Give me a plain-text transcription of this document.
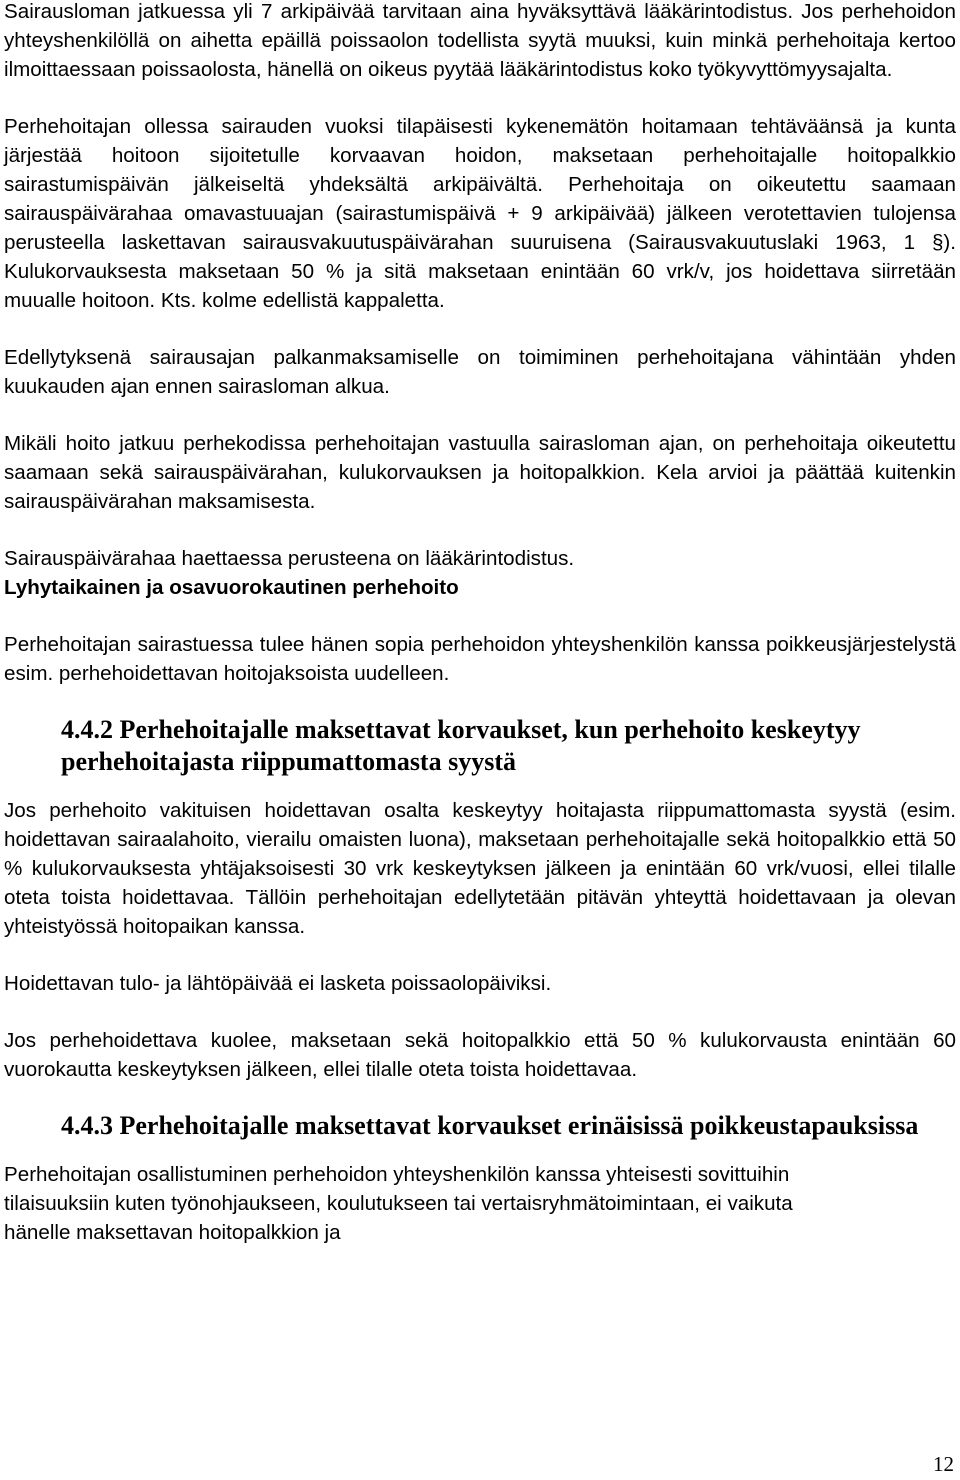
Sairausloman jatkuessa yli 7 arkipäivää tarvitaan aina hyväksyttävä lääkärintodistus. Jos perhehoidon yhteyshenkilöllä on aihetta epäillä poissaolon todellista syytä muuksi, kuin minkä perhehoitaja kertoo ilmoittaessaan poissaolosta, hänellä on oikeus pyytää lääkärintodistus koko työkyvyttömyysajalta.

Perhehoitajan ollessa sairauden vuoksi tilapäisesti kykenemätön hoitamaan tehtäväänsä ja kunta järjestää hoitoon sijoitetulle korvaavan hoidon, maksetaan perhehoitajalle hoitopalkkio sairastumispäivän jälkeiseltä yhdeksältä arkipäivältä. Perhehoitaja on oikeutettu saamaan sairauspäivärahaa omavastuuajan (sairastumispäivä + 9 arkipäivää) jälkeen verotettavien tulojensa perusteella laskettavan sairausvakuutuspäivärahan suuruisena (Sairausvakuutuslaki 1963, 1 §). Kulukorvauksesta maksetaan 50 % ja sitä maksetaan enintään 60 vrk/v, jos hoidettava siirretään muualle hoitoon. Kts. kolme edellistä kappaletta.

Edellytyksenä sairausajan palkanmaksamiselle on toimiminen perhehoitajana vähintään yhden kuukauden ajan ennen sairasloman alkua.

Mikäli hoito jatkuu perhekodissa perhehoitajan vastuulla sairasloman ajan, on perhehoitaja oikeutettu saamaan sekä sairauspäivärahan, kulukorvauksen ja hoitopalkkion. Kela arvioi ja päättää kuitenkin sairauspäivärahan maksamisesta.

Sairauspäivärahaa haettaessa perusteena on lääkärintodistus.

Lyhytaikainen ja osavuorokautinen perhehoito

Perhehoitajan sairastuessa tulee hänen sopia perhehoidon yhteyshenkilön kanssa poikkeusjärjestelystä esim. perhehoidettavan hoitojaksoista uudelleen.

4.4.2 Perhehoitajalle maksettavat korvaukset, kun perhehoito keskeytyy perhehoitajasta riippumattomasta syystä

Jos perhehoito vakituisen hoidettavan osalta keskeytyy hoitajasta riippumattomasta syystä (esim. hoidettavan sairaalahoito, vierailu omaisten luona), maksetaan perhehoitajalle sekä hoitopalkkio että 50 % kulukorvauksesta yhtäjaksoisesti 30 vrk keskeytyksen jälkeen ja enintään 60 vrk/vuosi, ellei tilalle oteta toista hoidettavaa. Tällöin perhehoitajan edellytetään pitävän yhteyttä hoidettavaan ja olevan yhteistyössä hoitopaikan kanssa.

Hoidettavan tulo- ja lähtöpäivää ei lasketa poissaolopäiviksi.

Jos perhehoidettava kuolee, maksetaan sekä hoitopalkkio että 50 % kulukorvausta enintään 60 vuorokautta keskeytyksen jälkeen, ellei tilalle oteta toista hoidettavaa.

4.4.3 Perhehoitajalle maksettavat korvaukset erinäisissä poikkeustapauksissa

Perhehoitajan osallistuminen perhehoidon yhteyshenkilön kanssa yhteisesti sovittuihin tilaisuuksiin kuten työnohjaukseen, koulutukseen tai vertaisryhmätoimintaan, ei vaikuta hänelle maksettavan hoitopalkkion ja

12
